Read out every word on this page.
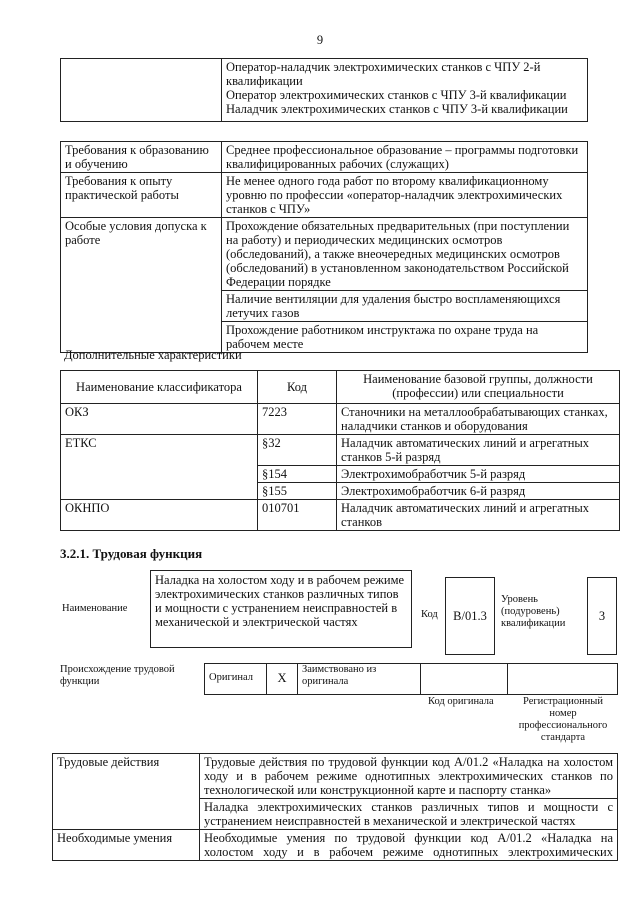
9

Оператор-наладчик электрохимических станков с ЧПУ 2-й
квалификации
Оператор электрохимических станков с ЧПУ 3-й квалификации
Наладчик электрохимических станков с ЧПУ 3-й квалификации
Требования к образованию и обучению	Среднее профессиональное образование – программы подготовки квалифицированных рабочих (служащих)
Требования к опыту практической работы	Не менее одного года работ по второму квалификационному уровню по профессии «оператор-наладчик электрохимических станков с ЧПУ»
Особые условия допуска к работе	Прохождение обязательных предварительных (при поступлении на работу) и периодических медицинских осмотров (обследований), а также внеочередных медицинских осмотров (обследований) в установленном законодательством Российской Федерации порядке
	Наличие вентиляции для удаления быстро воспламеняющихся летучих газов
	Прохождение работником инструктажа по охране труда на рабочем месте
Дополнительные характеристики
Наименование классификатора	Код	Наименование базовой группы, должности (профессии) или специальности
ОКЗ	7223	Станочники на металлообрабатывающих станках, наладчики станков и оборудования
ЕТКС	§32	Наладчик автоматических линий и агрегатных станков 5-й разряд
	§154	Электрохимобработчик 5-й разряд
	§155	Электрохимобработчик 6-й разряд
ОКНПО	010701	Наладчик автоматических линий и агрегатных станков
3.2.1. Трудовая функция
Наименование
Наладка на холостом ходу и в рабочем режиме электрохимических станков различных типов и мощности с устранением неисправностей в механической и электрической частях
Код	B/01.3
Уровень (подуровень) квалификации
3
Происхождение трудовой функции	Оригинал	X
Заимствовано из оригинала
Код оригинала	Регистрационный номер профессионального стандарта
Трудовые действия	Трудовые действия по трудовой функции код A/01.2 «Наладка на холостом ходу и в рабочем режиме однотипных электрохимических станков по технологической или конструкционной карте и паспорту станка»
	Наладка электрохимических станков различных типов и мощности с устранением неисправностей в механической и электрической частях
Необходимые умения	Необходимые умения по трудовой функции код A/01.2 «Наладка на холостом ходу и в рабочем режиме однотипных электрохимических
